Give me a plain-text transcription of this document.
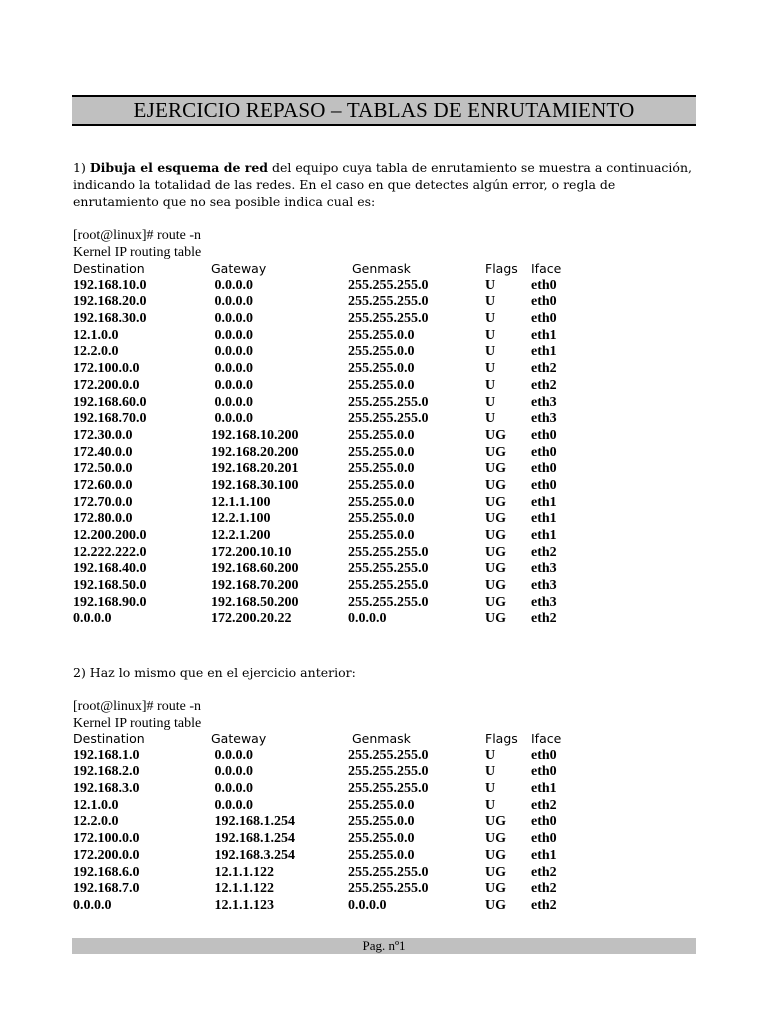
EJERCICIO REPASO – TABLAS DE ENRUTAMIENTO
1) Dibuja el esquema de red del equipo cuya tabla de enrutamiento se muestra a continuación, indicando la totalidad de las redes. En el caso en que detectes algún error, o regla de enrutamiento que no sea posible indica cual es:
[root@linux]# route -n
Kernel IP routing table
Destination	Gateway	Genmask	Flags Iface
192.168.10.0	0.0.0.0	255.255.255.0	U	eth0
192.168.20.0	0.0.0.0	255.255.255.0	U	eth0
192.168.30.0	0.0.0.0	255.255.255.0	U	eth0
12.1.0.0	0.0.0.0	255.255.0.0	U	eth1
12.2.0.0	0.0.0.0	255.255.0.0	U	eth1
172.100.0.0	0.0.0.0	255.255.0.0	U	eth2
172.200.0.0	0.0.0.0	255.255.0.0	U	eth2
192.168.60.0	0.0.0.0	255.255.255.0	U	eth3
192.168.70.0	0.0.0.0	255.255.255.0	U	eth3
172.30.0.0	192.168.10.200	255.255.0.0	UG eth0
172.40.0.0	192.168.20.200	255.255.0.0	UG eth0
172.50.0.0	192.168.20.201	255.255.0.0	UG eth0
172.60.0.0	192.168.30.100	255.255.0.0	UG eth0
172.70.0.0	12.1.1.100	255.255.0.0	UG eth1
172.80.0.0	12.2.1.100	255.255.0.0	UG eth1
12.200.200.0	12.2.1.200	255.255.0.0	UG eth1
12.222.222.0	172.200.10.10	255.255.255.0	UG eth2
192.168.40.0	192.168.60.200	255.255.255.0	UG eth3
192.168.50.0	192.168.70.200	255.255.255.0	UG eth3
192.168.90.0	192.168.50.200	255.255.255.0	UG eth3
0.0.0.0	172.200.20.22	0.0.0.0	UG eth2
2) Haz lo mismo que en el ejercicio anterior:
[root@linux]# route -n
Kernel IP routing table
Destination	Gateway	Genmask	Flags Iface
192.168.1.0	0.0.0.0	255.255.255.0	U	eth0
192.168.2.0	0.0.0.0	255.255.255.0	U	eth0
192.168.3.0	0.0.0.0	255.255.255.0	U	eth1
12.1.0.0	0.0.0.0	255.255.0.0	U	eth2
12.2.0.0	192.168.1.254	255.255.0.0	UG eth0
172.100.0.0	192.168.1.254	255.255.0.0	UG eth0
172.200.0.0	192.168.3.254	255.255.0.0	UG eth1
192.168.6.0	12.1.1.122	255.255.255.0	UG eth2
192.168.7.0	12.1.1.122	255.255.255.0	UG eth2
0.0.0.0	12.1.1.123	0.0.0.0	UG eth2
Pag. nº1
